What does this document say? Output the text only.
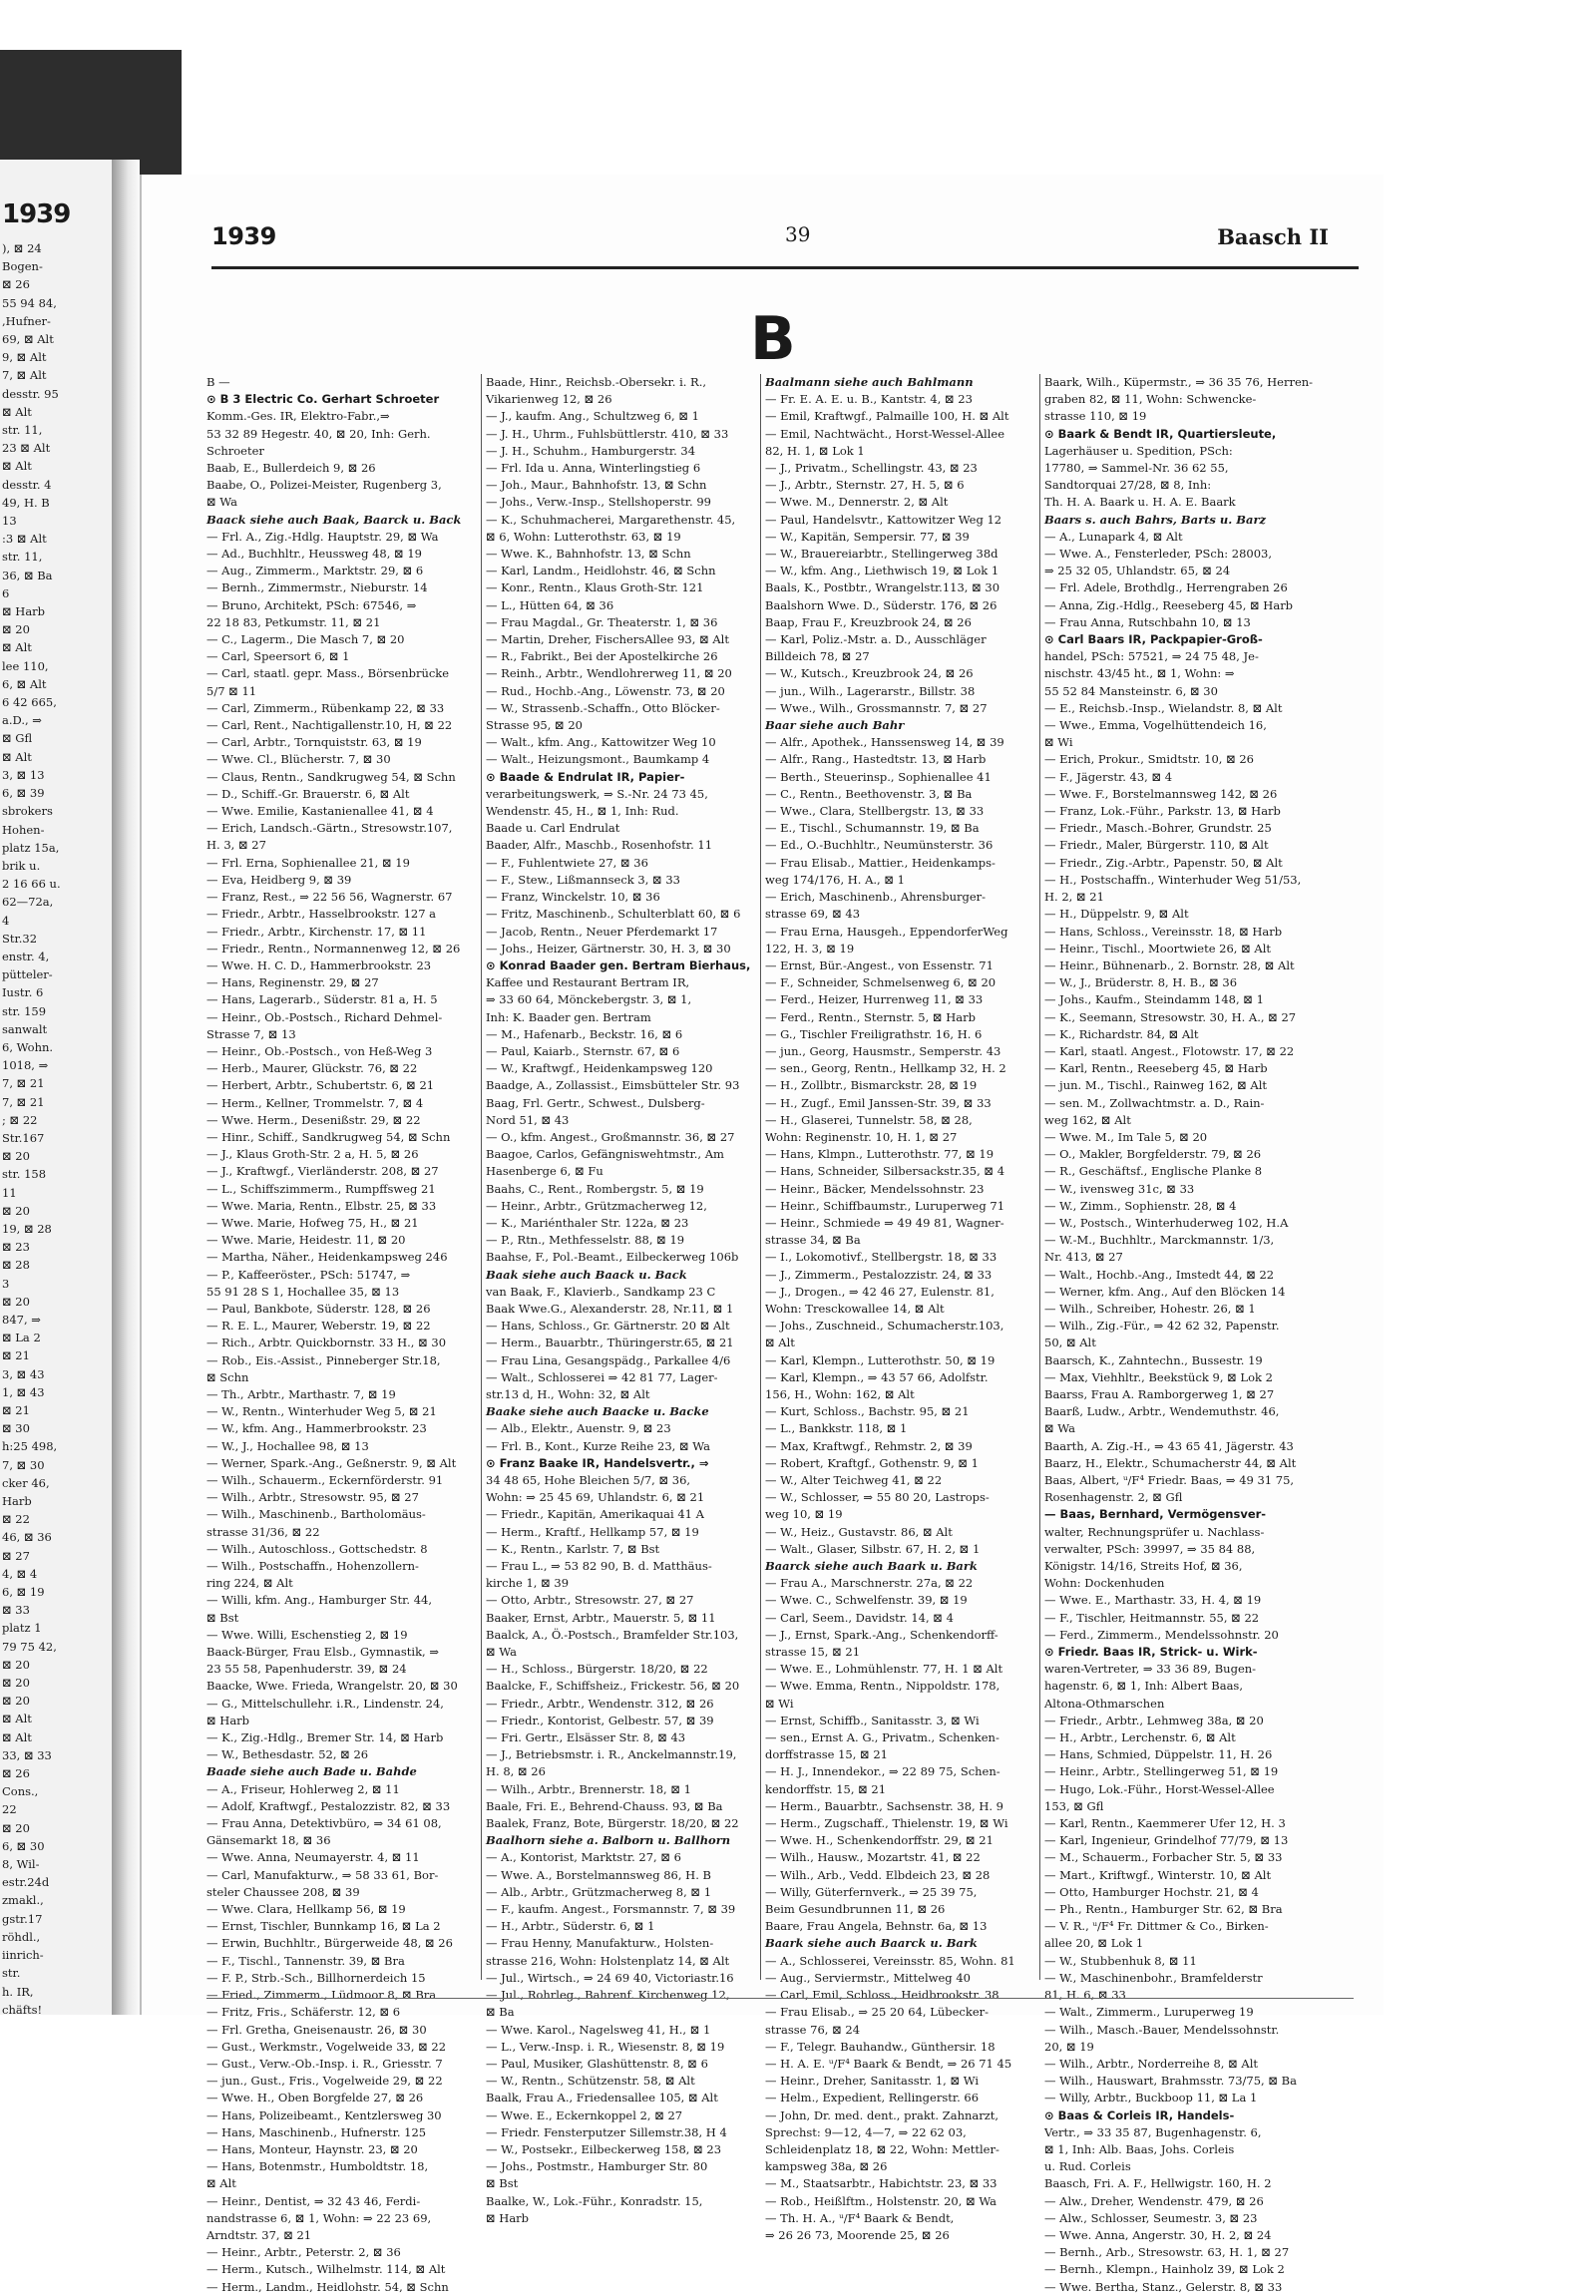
1939
), ⊠ 24
Bogen-
⊠ 26
55 94 84,
,Hufner-
69, ⊠ Alt
9, ⊠ Alt
7, ⊠ Alt
desstr. 95
⊠ Alt
str. 11,
23 ⊠ Alt
⊠ Alt
desstr. 4
49, H. B
13
:3 ⊠ Alt
str. 11,
36, ⊠ Ba
6
⊠ Harb
⊠ 20
⊠ Alt
lee 110,
6, ⊠ Alt
6 42 665,
a.D., ⇒
⊠ Gfl
⊠ Alt
3, ⊠ 13
6, ⊠ 39
sbrokers
Hohen-
platz 15a,
brik u.
2 16 66 u.
62—72a,
4
Str.32
enstr. 4,
pütteler-
Iustr. 6
str. 159
sanwalt
6, Wohn.
1018, ⇒
7, ⊠ 21
7, ⊠ 21
; ⊠ 22
Str.167
⊠ 20
str. 158
11
⊠ 20
19, ⊠ 28
⊠ 23
⊠ 28
3
⊠ 20
847, ⇒
⊠ La 2
⊠ 21
3, ⊠ 43
1, ⊠ 43
⊠ 21
⊠ 30
h:25 498,
7, ⊠ 30
cker 46,
Harb
⊠ 22
46, ⊠ 36
⊠ 27
4, ⊠ 4
6, ⊠ 19
⊠ 33
platz 1
79 75 42,
⊠ 20
⊠ 20
⊠ 20
⊠ Alt
⊠ Alt
33, ⊠ 33
⊠ 26
Cons.,
22
⊠ 20
6, ⊠ 30
8, Wil-
estr.24d
zmakl.,
gstr.17
röhdl.,
iinrich-
str.
h. IR,
chäfts!
1939	39	Baasch II
B
B —
⊙ B 3 Electric Co. Gerhart Schroeter
Komm.-Ges. IR, Elektro-Fabr.,⇒
53 32 89 Hegestr. 40, ⊠ 20, Inh: Gerh.
Schroeter
Baab, E., Bullerdeich 9, ⊠ 26
Baabe, O., Polizei-Meister, Rugenberg 3,
⊠ Wa
Baack siehe auch Baak, Baarck u. Back
— Frl. A., Zig.-Hdlg. Hauptstr. 29, ⊠ Wa
— Ad., Buchhltr., Heussweg 48, ⊠ 19
— Aug., Zimmerm., Marktstr. 29, ⊠ 6
— Bernh., Zimmermstr., Nieburstr. 14
— Bruno, Architekt, PSch: 67546, ⇒
22 18 83, Petkumstr. 11, ⊠ 21
— C., Lagerm., Die Masch 7, ⊠ 20
— Carl, Speersort 6, ⊠ 1
— Carl, staatl. gepr. Mass., Börsenbrücke
5/7 ⊠ 11
— Carl, Zimmerm., Rübenkamp 22, ⊠ 33
— Carl, Rent., Nachtigallenstr.10, H, ⊠ 22
— Carl, Arbtr., Tornquiststr. 63, ⊠ 19
— Wwe. Cl., Blücherstr. 7, ⊠ 30
— Claus, Rentn., Sandkrugweg 54, ⊠ Schn
— D., Schiff.-Gr. Brauerstr. 6, ⊠ Alt
— Wwe. Emilie, Kastanienallee 41, ⊠ 4
— Erich, Landsch.-Gärtn., Stresowstr.107,
H. 3, ⊠ 27
— Frl. Erna, Sophienallee 21, ⊠ 19
— Eva, Heidberg 9, ⊠ 39
— Franz, Rest., ⇒ 22 56 56, Wagnerstr. 67
— Friedr., Arbtr., Hasselbrookstr. 127 a
— Friedr., Arbtr., Kirchenstr. 17, ⊠ 11
— Friedr., Rentn., Normannenweg 12, ⊠ 26
— Wwe. H. C. D., Hammerbrookstr. 23
— Hans, Reginenstr. 29, ⊠ 27
— Hans, Lagerarb., Süderstr. 81 a, H. 5
— Heinr., Ob.-Postsch., Richard Dehmel-
Strasse 7, ⊠ 13
— Heinr., Ob.-Postsch., von Heß-Weg 3
— Herb., Maurer, Glückstr. 76, ⊠ 22
— Herbert, Arbtr., Schubertstr. 6, ⊠ 21
— Herm., Kellner, Trommelstr. 7, ⊠ 4
— Wwe. Herm., Desenißstr. 29, ⊠ 22
— Hinr., Schiff., Sandkrugweg 54, ⊠ Schn
— J., Klaus Groth-Str. 2 a, H. 5, ⊠ 26
— J., Kraftwgf., Vierländerstr. 208, ⊠ 27
— L., Schiffszimmerm., Rumpffsweg 21
— Wwe. Maria, Rentn., Elbstr. 25, ⊠ 33
— Wwe. Marie, Hofweg 75, H., ⊠ 21
— Wwe. Marie, Heidestr. 11, ⊠ 20
— Martha, Näher., Heidenkampsweg 246
— P., Kaffeeröster., PSch: 51747, ⇒
55 91 28 S 1, Hochallee 35, ⊠ 13
— Paul, Bankbote, Süderstr. 128, ⊠ 26
— R. E. L., Maurer, Weberstr. 19, ⊠ 22
— Rich., Arbtr. Quickbornstr. 33 H., ⊠ 30
— Rob., Eis.-Assist., Pinneberger Str.18,
⊠ Schn
— Th., Arbtr., Marthastr. 7, ⊠ 19
— W., Rentn., Winterhuder Weg 5, ⊠ 21
— W., kfm. Ang., Hammerbrookstr. 23
— W., J., Hochallee 98, ⊠ 13
— Werner, Spark.-Ang., Geßnerstr. 9, ⊠ Alt
— Wilh., Schauerm., Eckernförderstr. 91
— Wilh., Arbtr., Stresowstr. 95, ⊠ 27
— Wilh., Maschinenb., Bartholomäus-
strasse 31/36, ⊠ 22
— Wilh., Autoschloss., Gottschedstr. 8
— Wilh., Postschaffn., Hohenzollern-
ring 224, ⊠ Alt
— Willi, kfm. Ang., Hamburger Str. 44,
⊠ Bst
— Wwe. Willi, Eschenstieg 2, ⊠ 19
Baack-Bürger, Frau Elsb., Gymnastik, ⇒
23 55 58, Papenhuderstr. 39, ⊠ 24
Baacke, Wwe. Frieda, Wrangelstr. 20, ⊠ 30
— G., Mittelschullehr. i.R., Lindenstr. 24,
⊠ Harb
— K., Zig.-Hdlg., Bremer Str. 14, ⊠ Harb
— W., Bethesdastr. 52, ⊠ 26
Baade siehe auch Bade u. Bahde
— A., Friseur, Hohlerweg 2, ⊠ 11
— Adolf, Kraftwgf., Pestalozzistr. 82, ⊠ 33
— Frau Anna, Detektivbüro, ⇒ 34 61 08,
Gänsemarkt 18, ⊠ 36
— Wwe. Anna, Neumayerstr. 4, ⊠ 11
— Carl, Manufakturw., ⇒ 58 33 61, Bor-
steler Chaussee 208, ⊠ 39
— Wwe. Clara, Hellkamp 56, ⊠ 19
— Ernst, Tischler, Bunnkamp 16, ⊠ La 2
— Erwin, Buchhltr., Bürgerweide 48, ⊠ 26
— F., Tischl., Tannenstr. 39, ⊠ Bra
— F. P., Strb.-Sch., Billhornerdeich 15
— Fried., Zimmerm., Lüdmoor 8, ⊠ Bra
— Fritz, Fris., Schäferstr. 12, ⊠ 6
— Frl. Gretha, Gneisenaustr. 26, ⊠ 30
— Gust., Werkmstr., Vogelweide 33, ⊠ 22
— Gust., Verw.-Ob.-Insp. i. R., Griesstr. 7
— jun., Gust., Fris., Vogelweide 29, ⊠ 22
— Wwe. H., Oben Borgfelde 27, ⊠ 26
— Hans, Polizeibeamt., Kentzlersweg 30
— Hans, Maschinenb., Hufnerstr. 125
— Hans, Monteur, Haynstr. 23, ⊠ 20
— Hans, Botenmstr., Humboldtstr. 18,
⊠ Alt
— Heinr., Dentist, ⇒ 32 43 46, Ferdi-
nandstrasse 6, ⊠ 1, Wohn: ⇒ 22 23 69,
Arndtstr. 37, ⊠ 21
— Heinr., Arbtr., Peterstr. 2, ⊠ 36
— Herm., Kutsch., Wilhelmstr. 114, ⊠ Alt
— Herm., Landm., Heidlohstr. 54, ⊠ Schn
Baade, Hinr., Reichsb.-Obersekr. i. R.,
Vikarienweg 12, ⊠ 26
— J., kaufm. Ang., Schultzweg 6, ⊠ 1
— J. H., Uhrm., Fuhlsbüttlerstr. 410, ⊠ 33
— J. H., Schuhm., Hamburgerstr. 34
— Frl. Ida u. Anna, Winterlingstieg 6
— Joh., Maur., Bahnhofstr. 13, ⊠ Schn
— Johs., Verw.-Insp., Stellshoperstr. 99
— K., Schuhmacherei, Margarethenstr. 45,
⊠ 6, Wohn: Lutterothstr. 63, ⊠ 19
— Wwe. K., Bahnhofstr. 13, ⊠ Schn
— Karl, Landm., Heidlohstr. 46, ⊠ Schn
— Konr., Rentn., Klaus Groth-Str. 121
— L., Hütten 64, ⊠ 36
— Frau Magdal., Gr. Theaterstr. 1, ⊠ 36
— Martin, Dreher, FischersAllee 93, ⊠ Alt
— R., Fabrikt., Bei der Apostelkirche 26
— Reinh., Arbtr., Wendlohrerweg 11, ⊠ 20
— Rud., Hochb.-Ang., Löwenstr. 73, ⊠ 20
— W., Strassenb.-Schaffn., Otto Blöcker-
Strasse 95, ⊠ 20
— Walt., kfm. Ang., Kattowitzer Weg 10
— Walt., Heizungsmont., Baumkamp 4
⊙ Baade & Endrulat IR, Papier-
verarbeitungswerk, ⇒ S.-Nr. 24 73 45,
Wendenstr. 45, H., ⊠ 1, Inh: Rud.
Baade u. Carl Endrulat
Baader, Alfr., Maschb., Rosenhofstr. 11
— F., Fuhlentwiete 27, ⊠ 36
— F., Stew., Lißmannseck 3, ⊠ 33
— Franz, Winckelstr. 10, ⊠ 36
— Fritz, Maschinenb., Schulterblatt 60, ⊠ 6
— Jacob, Rentn., Neuer Pferdemarkt 17
— Johs., Heizer, Gärtnerstr. 30, H. 3, ⊠ 30
⊙ Konrad Baader gen. Bertram Bierhaus,
Kaffee und Restaurant Bertram IR,
⇒ 33 60 64, Mönckebergstr. 3, ⊠ 1,
Inh: K. Baader gen. Bertram
— M., Hafenarb., Beckstr. 16, ⊠ 6
— Paul, Kaiarb., Sternstr. 67, ⊠ 6
— W., Kraftwgf., Heidenkampsweg 120
Baadge, A., Zollassist., Eimsbütteler Str. 93
Baag, Frl. Gertr., Schwest., Dulsberg-
Nord 51, ⊠ 43
— O., kfm. Angest., Großmannstr. 36, ⊠ 27
Baagoe, Carlos, Gefängniswehtmstr., Am
Hasenberge 6, ⊠ Fu
Baahs, C., Rent., Rombergstr. 5, ⊠ 19
— Heinr., Arbtr., Grützmacherweg 12,
— K., Mariénthaler Str. 122a, ⊠ 23
— P., Rtn., Methfesselstr. 88, ⊠ 19
Baahse, F., Pol.-Beamt., Eilbeckerweg 106b
Baak siehe auch Baack u. Back
van Baak, F., Klavierb., Sandkamp 23 C
Baak Wwe.G., Alexanderstr. 28, Nr.11, ⊠ 1
— Hans, Schloss., Gr. Gärtnerstr. 20 ⊠ Alt
— Herm., Bauarbtr., Thüringerstr.65, ⊠ 21
— Frau Lina, Gesangspädg., Parkallee 4/6
— Walt., Schlosserei ⇒ 42 81 77, Lager-
str.13 d, H., Wohn: 32, ⊠ Alt
Baake siehe auch Baacke u. Backe
— Alb., Elektr., Auenstr. 9, ⊠ 23
— Frl. B., Kont., Kurze Reihe 23, ⊠ Wa
⊙ Franz Baake IR, Handelsvertr., ⇒
34 48 65, Hohe Bleichen 5/7, ⊠ 36,
Wohn: ⇒ 25 45 69, Uhlandstr. 6, ⊠ 21
— Friedr., Kapitän, Amerikaquai 41 A
— Herm., Kraftf., Hellkamp 57, ⊠ 19
— K., Rentn., Karlstr. 7, ⊠ Bst
— Frau L., ⇒ 53 82 90, B. d. Matthäus-
kirche 1, ⊠ 39
— Otto, Arbtr., Stresowstr. 27, ⊠ 27
Baaker, Ernst, Arbtr., Mauerstr. 5, ⊠ 11
Baalck, A., Ö.-Postsch., Bramfelder Str.103,
⊠ Wa
— H., Schloss., Bürgerstr. 18/20, ⊠ 22
Baalcke, F., Schiffsheiz., Frickestr. 56, ⊠ 20
— Friedr., Arbtr., Wendenstr. 312, ⊠ 26
— Friedr., Kontorist, Gelbestr. 57, ⊠ 39
— Fri. Gertr., Elsässer Str. 8, ⊠ 43
— J., Betriebsmstr. i. R., Anckelmannstr.19,
H. 8, ⊠ 26
— Wilh., Arbtr., Brennerstr. 18, ⊠ 1
Baale, Fri. E., Behrend-Chauss. 93, ⊠ Ba
Baalek, Franz, Bote, Bürgerstr. 18/20, ⊠ 22
Baalhorn siehe a. Balborn u. Ballhorn
— A., Kontorist, Marktstr. 27, ⊠ 6
— Wwe. A., Borstelmannsweg 86, H. B
— Alb., Arbtr., Grützmacherweg 8, ⊠ 1
— F., kaufm. Angest., Forsmannstr. 7, ⊠ 39
— H., Arbtr., Süderstr. 6, ⊠ 1
— Frau Henny, Manufakturw., Holsten-
strasse 216, Wohn: Holstenplatz 14, ⊠ Alt
— Jul., Wirtsch., ⇒ 24 69 40, Victoriastr.16
— Jul., Rohrleg., Bahrenf. Kirchenweg 12,
⊠ Ba
— Wwe. Karol., Nagelsweg 41, H., ⊠ 1
— L., Verw.-Insp. i. R., Wiesenstr. 8, ⊠ 19
— Paul, Musiker, Glashüttenstr. 8, ⊠ 6
— W., Rentn., Schützenstr. 58, ⊠ Alt
Baalk, Frau A., Friedensallee 105, ⊠ Alt
— Wwe. E., Eckernkoppel 2, ⊠ 27
— Friedr. Fensterputzer Sillemstr.38, H 4
— W., Postsekr., Eilbeckerweg 158, ⊠ 23
— Johs., Postmstr., Hamburger Str. 80
⊠ Bst
Baalke, W., Lok.-Führ., Konradstr. 15,
⊠ Harb
Baalmann siehe auch Bahlmann
— Fr. E. A. E. u. B., Kantstr. 4, ⊠ 23
— Emil, Kraftwgf., Palmaille 100, H. ⊠ Alt
— Emil, Nachtwächt., Horst-Wessel-Allee
82, H. 1, ⊠ Lok 1
— J., Privatm., Schellingstr. 43, ⊠ 23
— J., Arbtr., Sternstr. 27, H. 5, ⊠ 6
— Wwe. M., Dennerstr. 2, ⊠ Alt
— Paul, Handelsvtr., Kattowitzer Weg 12
— W., Kapitän, Sempersir. 77, ⊠ 39
— W., Brauereiarbtr., Stellingerweg 38d
— W., kfm. Ang., Liethwisch 19, ⊠ Lok 1
Baals, K., Postbtr., Wrangelstr.113, ⊠ 30
Baalshorn Wwe. D., Süderstr. 176, ⊠ 26
Baap, Frau F., Kreuzbrook 24, ⊠ 26
— Karl, Poliz.-Mstr. a. D., Ausschläger
Billdeich 78, ⊠ 27
— W., Kutsch., Kreuzbrook 24, ⊠ 26
— jun., Wilh., Lagerarstr., Billstr. 38
— Wwe., Wilh., Grossmannstr. 7, ⊠ 27
Baar siehe auch Bahr
— Alfr., Apothek., Hanssensweg 14, ⊠ 39
— Alfr., Rang., Hastedtstr. 13, ⊠ Harb
— Berth., Steuerinsp., Sophienallee 41
— C., Rentn., Beethovenstr. 3, ⊠ Ba
— Wwe., Clara, Stellbergstr. 13, ⊠ 33
— E., Tischl., Schumannstr. 19, ⊠ Ba
— Ed., O.-Buchhltr., Neumünsterstr. 36
— Frau Elisab., Mattier., Heidenkamps-
weg 174/176, H. A., ⊠ 1
— Erich, Maschinenb., Ahrensburger-
strasse 69, ⊠ 43
— Frau Erna, Hausgeh., EppendorferWeg
122, H. 3, ⊠ 19
— Ernst, Bür.-Angest., von Essenstr. 71
— F., Schneider, Schmelsenweg 6, ⊠ 20
— Ferd., Heizer, Hurrenweg 11, ⊠ 33
— Ferd., Rentn., Sternstr. 5, ⊠ Harb
— G., Tischler Freiligrathstr. 16, H. 6
— jun., Georg, Hausmstr., Semperstr. 43
— sen., Georg, Rentn., Hellkamp 32, H. 2
— H., Zollbtr., Bismarckstr. 28, ⊠ 19
— H., Zugf., Emil Janssen-Str. 39, ⊠ 33
— H., Glaserei, Tunnelstr. 58, ⊠ 28,
Wohn: Reginenstr. 10, H. 1, ⊠ 27
— Hans, Klmpn., Lutterothstr. 77, ⊠ 19
— Hans, Schneider, Silbersackstr.35, ⊠ 4
— Heinr., Bäcker, Mendelssohnstr. 23
— Heinr., Schiffbaumstr., Luruperweg 71
— Heinr., Schmiede ⇒ 49 49 81, Wagner-
strasse 34, ⊠ Ba
— I., Lokomotivf., Stellbergstr. 18, ⊠ 33
— J., Zimmerm., Pestalozzistr. 24, ⊠ 33
— J., Drogen., ⇒ 42 46 27, Eulenstr. 81,
Wohn: Tresckowallee 14, ⊠ Alt
— Johs., Zuschneid., Schumacherstr.103,
⊠ Alt
— Karl, Klempn., Lutterothstr. 50, ⊠ 19
— Karl, Klempn., ⇒ 43 57 66, Adolfstr.
156, H., Wohn: 162, ⊠ Alt
— Kurt, Schloss., Bachstr. 95, ⊠ 21
— L., Bankkstr. 118, ⊠ 1
— Max, Kraftwgf., Rehmstr. 2, ⊠ 39
— Robert, Kraftgf., Gothenstr. 9, ⊠ 1
— W., Alter Teichweg 41, ⊠ 22
— W., Schlosser, ⇒ 55 80 20, Lastrops-
weg 10, ⊠ 19
— W., Heiz., Gustavstr. 86, ⊠ Alt
— Walt., Glaser, Silbstr. 67, H. 2, ⊠ 1
Baarck siehe auch Baark u. Bark
— Frau A., Marschnerstr. 27a, ⊠ 22
— Wwe. C., Schwelfenstr. 39, ⊠ 19
— Carl, Seem., Davidstr. 14, ⊠ 4
— J., Ernst, Spark.-Ang., Schenkendorff-
strasse 15, ⊠ 21
— Wwe. E., Lohmühlenstr. 77, H. 1 ⊠ Alt
— Wwe. Emma, Rentn., Nippoldstr. 178,
⊠ Wi
— Ernst, Schiffb., Sanitasstr. 3, ⊠ Wi
— sen., Ernst A. G., Privatm., Schenken-
dorffstrasse 15, ⊠ 21
— H. J., Innendekor., ⇒ 22 89 75, Schen-
kendorffstr. 15, ⊠ 21
— Herm., Bauarbtr., Sachsenstr. 38, H. 9
— Herm., Zugschaff., Thielenstr. 19, ⊠ Wi
— Wwe. H., Schenkendorffstr. 29, ⊠ 21
— Wilh., Hausw., Mozartstr. 41, ⊠ 22
— Wilh., Arb., Vedd. Elbdeich 23, ⊠ 28
— Willy, Güterfernverk., ⇒ 25 39 75,
Beim Gesundbrunnen 11, ⊠ 26
Baare, Frau Angela, Behnstr. 6a, ⊠ 13
Baark siehe auch Baarck u. Bark
— A., Schlosserei, Vereinsstr. 85, Wohn. 81
— Aug., Serviermstr., Mittelweg 40
— Carl, Emil, Schloss., Heidbrookstr. 38
— Frau Elisab., ⇒ 25 20 64, Lübecker-
strasse 76, ⊠ 24
— F., Telegr. Bauhandw., Günthersir. 18
— H. A. E. ᵘ/F⁴ Baark & Bendt, ⇒ 26 71 45
— Heinr., Dreher, Sanitasstr. 1, ⊠ Wi
— Helm., Expedient, Rellingerstr. 66
— John, Dr. med. dent., prakt. Zahnarzt,
Sprechst: 9—12, 4—7, ⇒ 22 62 03,
Schleidenplatz 18, ⊠ 22, Wohn: Mettler-
kampsweg 38a, ⊠ 26
— M., Staatsarbtr., Habichtstr. 23, ⊠ 33
— Rob., Heißlftm., Holstenstr. 20, ⊠ Wa
— Th. H. A., ᵘ/F⁴ Baark & Bendt,
⇒ 26 26 73, Moorende 25, ⊠ 26
Baark, Wilh., Küpermstr., ⇒ 36 35 76, Herren-
graben 82, ⊠ 11, Wohn: Schwencke-
strasse 110, ⊠ 19
⊙ Baark & Bendt IR, Quartiersleute,
Lagerhäuser u. Spedition, PSch:
17780, ⇒ Sammel-Nr. 36 62 55,
Sandtorquai 27/28, ⊠ 8, Inh:
Th. H. A. Baark u. H. A. E. Baark
Baars s. auch Bahrs, Barts u. Barz
— A., Lunapark 4, ⊠ Alt
— Wwe. A., Fensterleder, PSch: 28003,
⇒ 25 32 05, Uhlandstr. 65, ⊠ 24
— Frl. Adele, Brothdlg., Herrengraben 26
— Anna, Zig.-Hdlg., Reeseberg 45, ⊠ Harb
— Frau Anna, Rutschbahn 10, ⊠ 13
⊙ Carl Baars IR, Packpapier-Groß-
handel, PSch: 57521, ⇒ 24 75 48, Je-
nischstr. 43/45 ht., ⊠ 1, Wohn: ⇒
55 52 84 Mansteinstr. 6, ⊠ 30
— E., Reichsb.-Insp., Wielandstr. 8, ⊠ Alt
— Wwe., Emma, Vogelhüttendeich 16,
⊠ Wi
— Erich, Prokur., Smidtstr. 10, ⊠ 26
— F., Jägerstr. 43, ⊠ 4
— Wwe. F., Borstelmannsweg 142, ⊠ 26
— Franz, Lok.-Führ., Parkstr. 13, ⊠ Harb
— Friedr., Masch.-Bohrer, Grundstr. 25
— Friedr., Maler, Bürgerstr. 110, ⊠ Alt
— Friedr., Zig.-Arbtr., Papenstr. 50, ⊠ Alt
— H., Postschaffn., Winterhuder Weg 51/53,
H. 2, ⊠ 21
— H., Düppelstr. 9, ⊠ Alt
— Hans, Schloss., Vereinsstr. 18, ⊠ Harb
— Heinr., Tischl., Moortwiete 26, ⊠ Alt
— Heinr., Bühnenarb., 2. Bornstr. 28, ⊠ Alt
— W., J., Brüderstr. 8, H. B., ⊠ 36
— Johs., Kaufm., Steindamm 148, ⊠ 1
— K., Seemann, Stresowstr. 30, H. A., ⊠ 27
— K., Richardstr. 84, ⊠ Alt
— Karl, staatl. Angest., Flotowstr. 17, ⊠ 22
— Karl, Rentn., Reeseberg 45, ⊠ Harb
— jun. M., Tischl., Rainweg 162, ⊠ Alt
— sen. M., Zollwachtmstr. a. D., Rain-
weg 162, ⊠ Alt
— Wwe. M., Im Tale 5, ⊠ 20
— O., Makler, Borgfelderstr. 79, ⊠ 26
— R., Geschäftsf., Englische Planke 8
— W., ivensweg 31c, ⊠ 33
— W., Zimm., Sophienstr. 28, ⊠ 4
— W., Postsch., Winterhuderweg 102, H.A
— W.-M., Buchhltr., Marckmannstr. 1/3,
Nr. 413, ⊠ 27
— Walt., Hochb.-Ang., Imstedt 44, ⊠ 22
— Werner, kfm. Ang., Auf den Blöcken 14
— Wilh., Schreiber, Hohestr. 26, ⊠ 1
— Wilh., Zig.-Für., ⇒ 42 62 32, Papenstr.
50, ⊠ Alt
Baarsch, K., Zahntechn., Bussestr. 19
— Max, Viehhltr., Beekstück 9, ⊠ Lok 2
Baarss, Frau A. Ramborgerweg 1, ⊠ 27
Baarß, Ludw., Arbtr., Wendemuthstr. 46,
⊠ Wa
Baarth, A. Zig.-H., ⇒ 43 65 41, Jägerstr. 43
Baarz, H., Elektr., Schumacherstr 44, ⊠ Alt
Baas, Albert, ᵘ/F⁴ Friedr. Baas, ⇒ 49 31 75,
Rosenhagenstr. 2, ⊠ Gfl
— Baas, Bernhard, Vermögensver-
walter, Rechnungsprüfer u. Nachlass-
verwalter, PSch: 39997, ⇒ 35 84 88,
Königstr. 14/16, Streits Hof, ⊠ 36,
Wohn: Dockenhuden
— Wwe. E., Marthastr. 33, H. 4, ⊠ 19
— F., Tischler, Heitmannstr. 55, ⊠ 22
— Ferd., Zimmerm., Mendelssohnstr. 20
⊙ Friedr. Baas IR, Strick- u. Wirk-
waren-Vertreter, ⇒ 33 36 89, Bugen-
hagenstr. 6, ⊠ 1, Inh: Albert Baas,
Altona-Othmarschen
— Friedr., Arbtr., Lehmweg 38a, ⊠ 20
— H., Arbtr., Lerchenstr. 6, ⊠ Alt
— Hans, Schmied, Düppelstr. 11, H. 26
— Heinr., Arbtr., Stellingerweg 51, ⊠ 19
— Hugo, Lok.-Führ., Horst-Wessel-Allee
153, ⊠ Gfl
— Karl, Rentn., Kaemmerer Ufer 12, H. 3
— Karl, Ingenieur, Grindelhof 77/79, ⊠ 13
— M., Schauerm., Forbacher Str. 5, ⊠ 33
— Mart., Kriftwgf., Winterstr. 10, ⊠ Alt
— Otto, Hamburger Hochstr. 21, ⊠ 4
— Ph., Rentn., Hamburger Str. 62, ⊠ Bra
— V. R., ᵘ/F⁴ Fr. Dittmer & Co., Birken-
allee 20, ⊠ Lok 1
— W., Stubbenhuk 8, ⊠ 11
— W., Maschinenbohr., Bramfelderstr
81, H. 6, ⊠ 33
— Walt., Zimmerm., Luruperweg 19
— Wilh., Masch.-Bauer, Mendelssohnstr.
20, ⊠ 19
— Wilh., Arbtr., Norderreihe 8, ⊠ Alt
— Wilh., Hauswart, Brahmsstr. 73/75, ⊠ Ba
— Willy, Arbtr., Buckboop 11, ⊠ La 1
⊙ Baas & Corleis IR, Handels-
Vertr., ⇒ 33 35 87, Bugenhagenstr. 6,
⊠ 1, Inh: Alb. Baas, Johs. Corleis
u. Rud. Corleis
Baasch, Fri. A. F., Hellwigstr. 160, H. 2
— Alw., Dreher, Wendenstr. 479, ⊠ 26
— Alw., Schlosser, Seumestr. 3, ⊠ 23
— Wwe. Anna, Angerstr. 30, H. 2, ⊠ 24
— Bernh., Arb., Stresowstr. 63, H. 1, ⊠ 27
— Bernh., Klempn., Hainholz 39, ⊠ Lok 2
— Wwe. Bertha, Stanz., Gelerstr. 8, ⊠ 33
